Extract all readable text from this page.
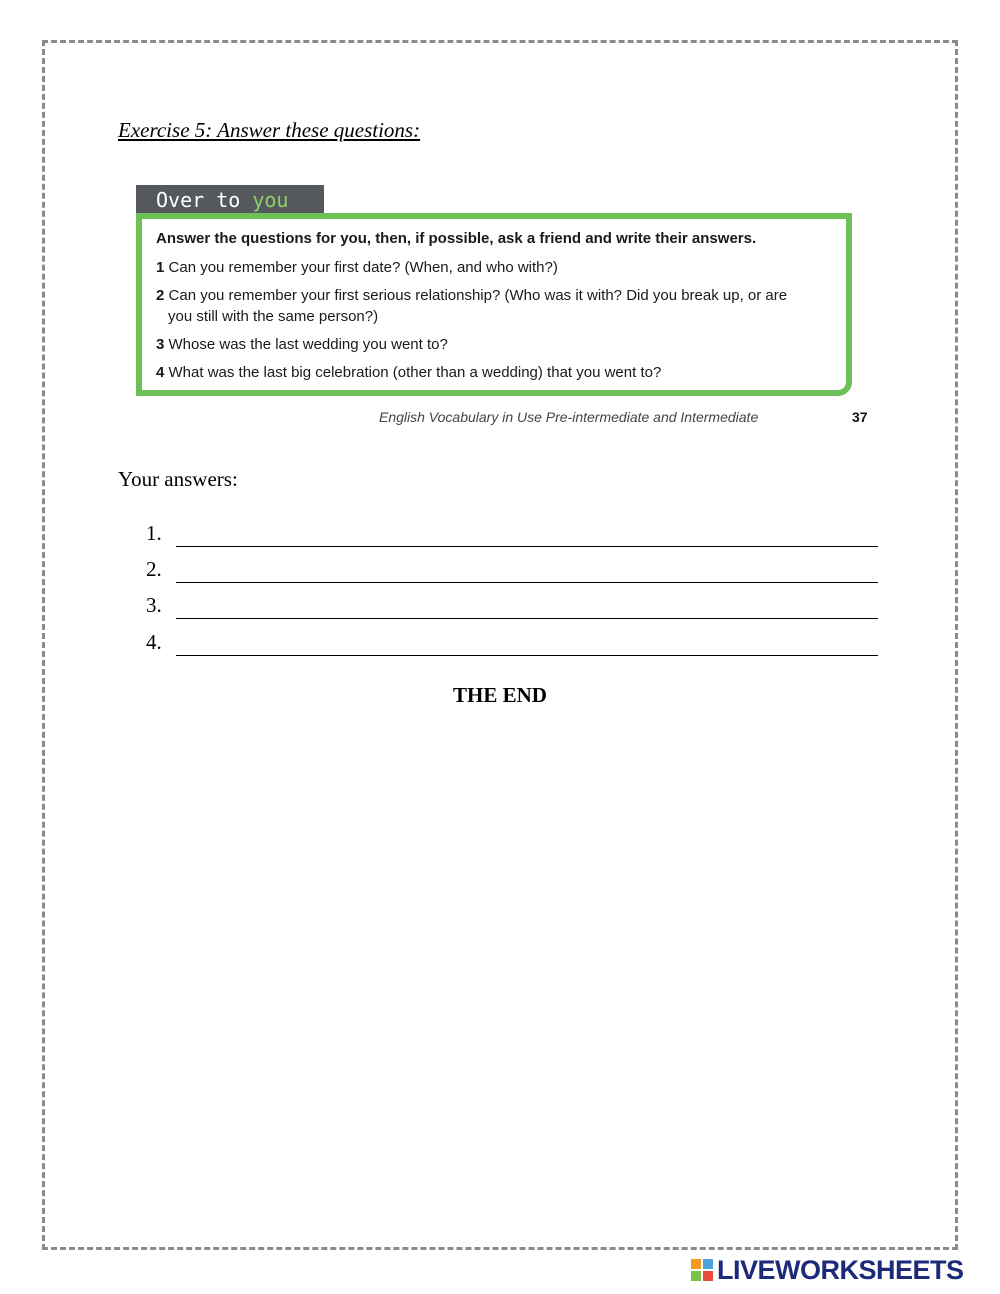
Exercise 5: Answer these questions:
Over to you

Answer the questions for you, then, if possible, ask a friend and write their answers.

1 Can you remember your first date? (When, and who with?)

2 Can you remember your first serious relationship? (Who was it with? Did you break up, or are
you still with the same person?)

3 Whose was the last wedding you went to?

4 What was the last big celebration (other than a wedding) that you went to?

English Vocabulary in Use Pre-intermediate and Intermediate	37

Your answers:

1.
2.
3.
4.

THE END

LIVEWORKSHEETS
